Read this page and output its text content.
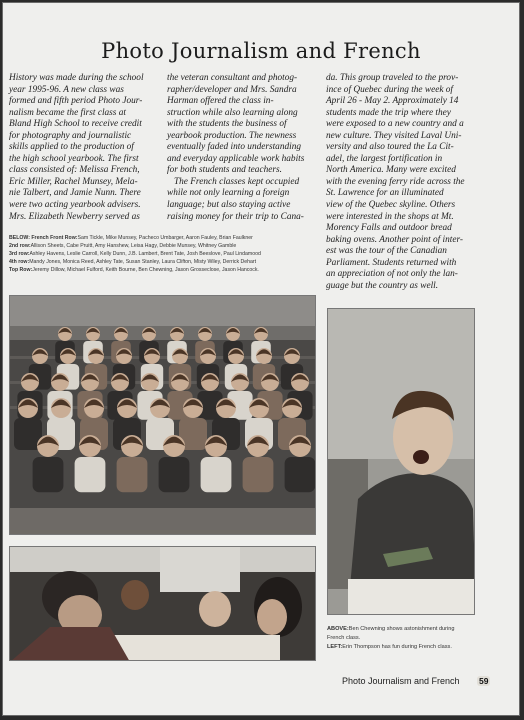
Photo Journalism and French
History was made during the school
year 1995-96. A new class was
formed and fifth period Photo Jour-
nalism became the first class at
Bland High School to receive credit
for photography and journalistic
skills applied to the production of
the high school yearbook. The first
class consisted of: Melissa French,
Eric Miller, Rachel Munsey, Mela-
nie Talbert, and Jamie Nunn. There
were two acting yearbook advisers.
Mrs. Elizabeth Newberry served as
the veteran consultant and photog-
rapher/developer and Mrs. Sandra
Harman offered the class in-
struction while also learning along
with the students the business of
yearbook production. The newness
eventually faded into understanding
and everyday applicable work habits
for both students and teachers.
The French classes kept occupied
while not only learning a foreign
language; but also staying active
raising money for their trip to Cana-
da. This group traveled to the prov-
ince of Quebec during the week of
April 26 - May 2. Approximately 14
students made the trip where they
were exposed to a new country and a
new culture. They visited Laval Uni-
versity and also toured the La Cit-
adel, the largest fortification in
North America. Many were excited
with the evening ferry ride across the
St. Lawrence for an illuminated
view of the Quebec skyline. Others
were interested in the shops at Mt.
Morency Falls and outdoor bread
baking ovens. Another point of inter-
est was the tour of the Canadian
Parliament. Students returned with
an appreciation of not only the lan-
guage but the country as well.
BELOW: French Front Row:Sam Tickle, Mike Munsey, Pacheco Umbarger, Aaron Fauley, Brian Faulkner
2nd row:Allison Sheets, Cabe Pruitt, Amy Hanshew, Leisa Hagy, Debbie Munsey, Whitney Gamble
3rd row:Ashley Havens, Leslie Carroll, Kelly Dunn, J.B. Lambert, Brent Tate, Josh Beeslove, Paul Lindamood
4th row:Mandy Jones, Monica Reed, Ashley Tate, Susan Stanley, Laura Clifton, Misty Wiley, Derrick Dehart
Top Row:Jeremy Dillow, Michael Fulford, Keith Bourne, Ben Chewning, Jason Grosseclose, Jason Hancock.
ABOVE:Ben Chewning shows astonishment during
French class.
LEFT:Erin Thompson has fun during French class.
Photo Journalism and French 59
